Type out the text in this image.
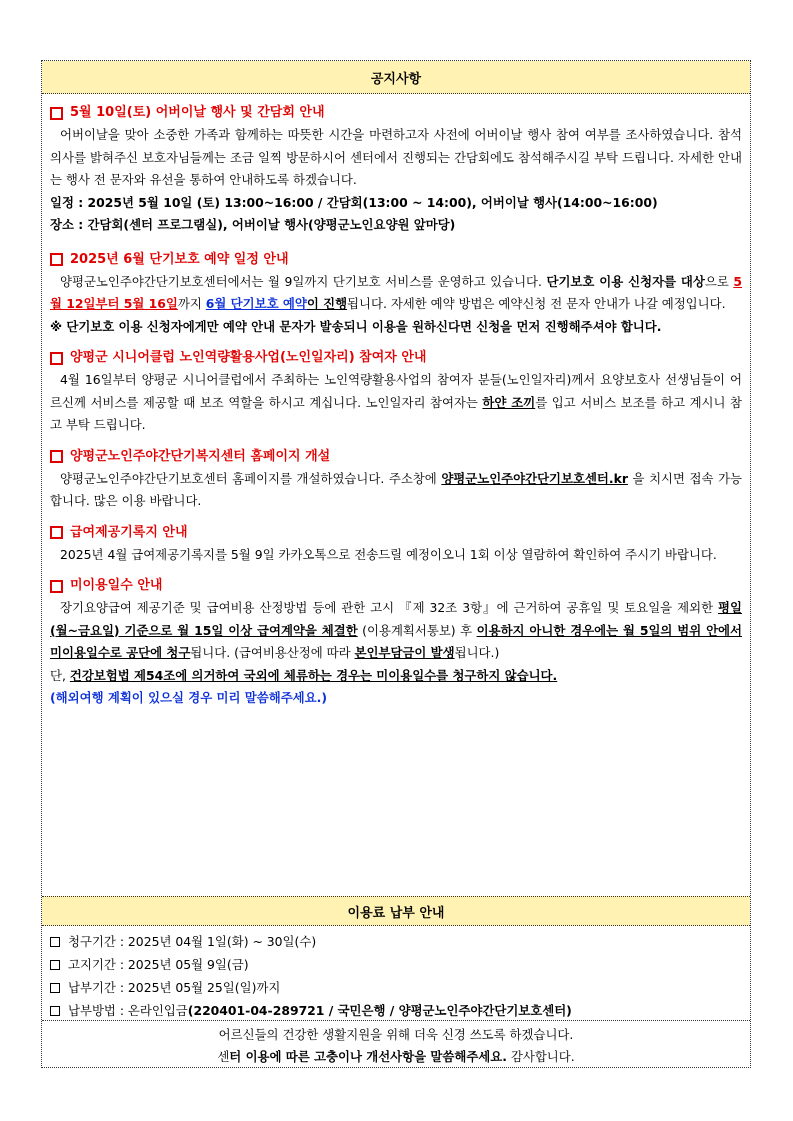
공지사항
5월 10일(토) 어버이날 행사 및 간담회 안내

어버이날을 맞아 소중한 가족과 함께하는 따뜻한 시간을 마련하고자 사전에 어버이날 행사 참여 여부를 조사하였습니다. 참석 의사를 밝혀주신 보호자님들께는 조금 일찍 방문하시어 센터에서 진행되는 간담회에도 참석해주시길 부탁 드립니다. 자세한 안내는 행사 전 문자와 유선을 통하여 안내하도록 하겠습니다.

일정 : 2025년 5월 10일 (토) 13:00~16:00 / 간담회(13:00 ~ 14:00), 어버이날 행사(14:00~16:00)

장소 : 간담회(센터 프로그램실), 어버이날 행사(양평군노인요양원 앞마당)

2025년 6월 단기보호 예약 일정 안내

양평군노인주야간단기보호센터에서는 월 9일까지 단기보호 서비스를 운영하고 있습니다. 단기보호 이용 신청자를 대상으로 5월 12일부터 5월 16일까지 6월 단기보호 예약이 진행됩니다. 자세한 예약 방법은 예약신청 전 문자 안내가 나갈 예정입니다.

※ 단기보호 이용 신청자에게만 예약 안내 문자가 발송되니 이용을 원하신다면 신청을 먼저 진행해주셔야 합니다.

양평군 시니어클럽 노인역량활용사업(노인일자리) 참여자 안내

4월 16일부터 양평군 시니어클럽에서 주최하는 노인역량활용사업의 참여자 분들(노인일자리)께서 요양보호사 선생님들이 어르신께 서비스를 제공할 때 보조 역할을 하시고 계십니다. 노인일자리 참여자는 하얀 조끼를 입고 서비스 보조를 하고 계시니 참고 부탁 드립니다.

양평군노인주야간단기복지센터 홈페이지 개설

양평군노인주야간단기보호센터 홈페이지를 개설하였습니다. 주소창에 양평군노인주야간단기보호센터.kr 을 치시면 접속 가능합니다. 많은 이용 바랍니다.

급여제공기록지 안내

2025년 4월 급여제공기록지를 5월 9일 카카오톡으로 전송드릴 예정이오니 1회 이상 열람하여 확인하여 주시기 바랍니다.

미이용일수 안내

장기요양급여 제공기준 및 급여비용 산정방법 등에 관한 고시 『제 32조 3항』에 근거하여 공휴일 및 토요일을 제외한 평일 (월~금요일) 기준으로 월 15일 이상 급여계약을 체결한 (이용계획서통보) 후 이용하지 아니한 경우에는 월 5일의 범위 안에서 미이용일수로 공단에 청구됩니다. (급여비용산정에 따라 본인부담금이 발생됩니다.)

단, 건강보험법 제54조에 의거하여 국외에 체류하는 경우는 미이용일수를 청구하지 않습니다.

(해외여행 계획이 있으실 경우 미리 말씀해주세요.)

이용료 납부 안내
청구기간 : 2025년 04월 1일(화) ~ 30일(수)
고지기간 : 2025년 05월 9일(금)
납부기간 : 2025년 05월 25일(일)까지
납부방법 : 온라인입금 (220401-04-289721 / 국민은행 / 양평군노인주야간단기보호센터)
어르신들의 건강한 생활지원을 위해 더욱 신경 쓰도록 하겠습니다.
센터 이용에 따른 고충이나 개선사항을 말씀해주세요. 감사합니다.
